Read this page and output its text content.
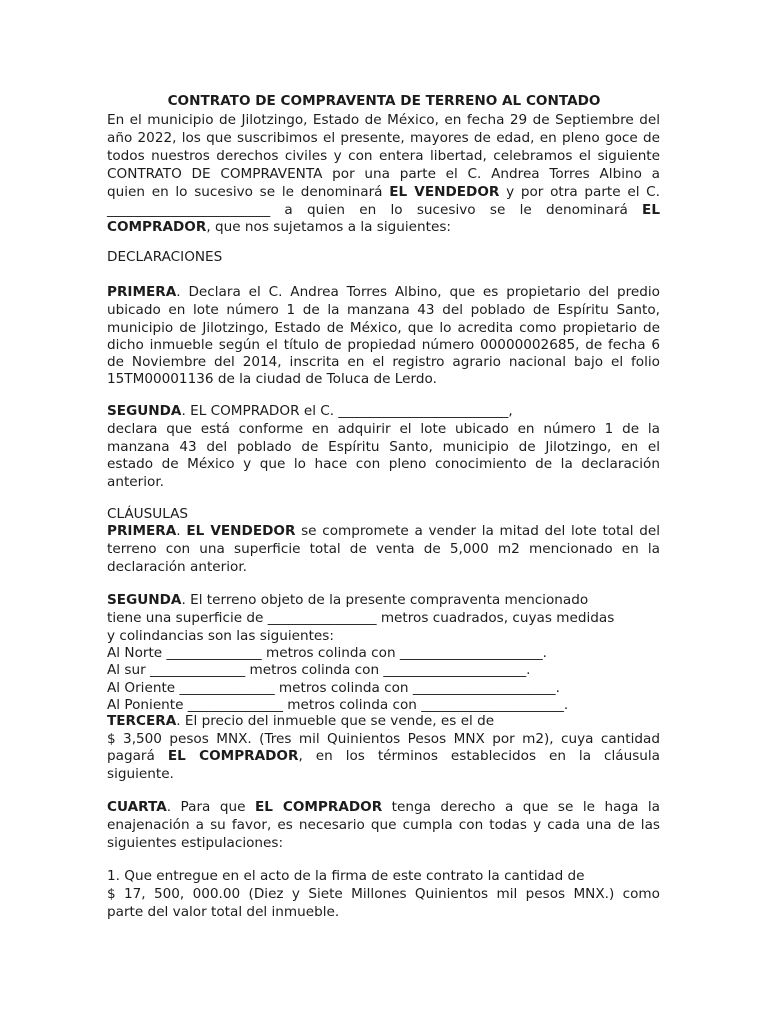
CONTRATO DE COMPRAVENTA DE TERRENO AL CONTADO
En el municipio de Jilotzingo, Estado de México, en fecha 29 de Septiembre del
año 2022, los que suscribimos el presente, mayores de edad, en pleno goce de
todos nuestros derechos civiles y con entera libertad, celebramos el siguiente
CONTRATO DE COMPRAVENTA por una parte el C. Andrea Torres Albino a
quien en lo sucesivo se le denominará EL VENDEDOR y por otra parte el C.
________________________ a quien en lo sucesivo se le denominará EL
COMPRADOR, que nos sujetamos a la siguientes:
DECLARACIONES
PRIMERA. Declara el C. Andrea Torres Albino, que es propietario del predio
ubicado en lote número 1 de la manzana 43 del poblado de Espíritu Santo,
municipio de Jilotzingo, Estado de México, que lo acredita como propietario de
dicho inmueble según el título de propiedad número 00000002685, de fecha 6
de Noviembre del 2014, inscrita en el registro agrario nacional bajo el folio
15TM00001136 de la ciudad de Toluca de Lerdo.
SEGUNDA. EL COMPRADOR el C. _________________________,
declara que está conforme en adquirir el lote ubicado en número 1 de la
manzana 43 del poblado de Espíritu Santo, municipio de Jilotzingo, en el
estado de México y que lo hace con pleno conocimiento de la declaración
anterior.
CLÁUSULAS
PRIMERA. EL VENDEDOR se compromete a vender la mitad del lote total del
terreno con una superficie total de venta de 5,000 m2 mencionado en la
declaración anterior.
SEGUNDA. El terreno objeto de la presente compraventa mencionado
tiene una superficie de ________________ metros cuadrados, cuyas medidas
y colindancias son las siguientes:
Al Norte ______________ metros colinda con _____________________.
Al sur ______________ metros colinda con _____________________.
Al Oriente ______________ metros colinda con _____________________.
Al Poniente ______________ metros colinda con _____________________.
TERCERA. El precio del inmueble que se vende, es el de
$ 3,500 pesos MNX. (Tres mil Quinientos Pesos MNX por m2), cuya cantidad
pagará EL COMPRADOR, en los términos establecidos en la cláusula
siguiente.
CUARTA. Para que EL COMPRADOR tenga derecho a que se le haga la
enajenación a su favor, es necesario que cumpla con todas y cada una de las
siguientes estipulaciones:
1. Que entregue en el acto de la firma de este contrato la cantidad de
$ 17, 500, 000.00 (Diez y Siete Millones Quinientos mil pesos MNX.) como
parte del valor total del inmueble.
